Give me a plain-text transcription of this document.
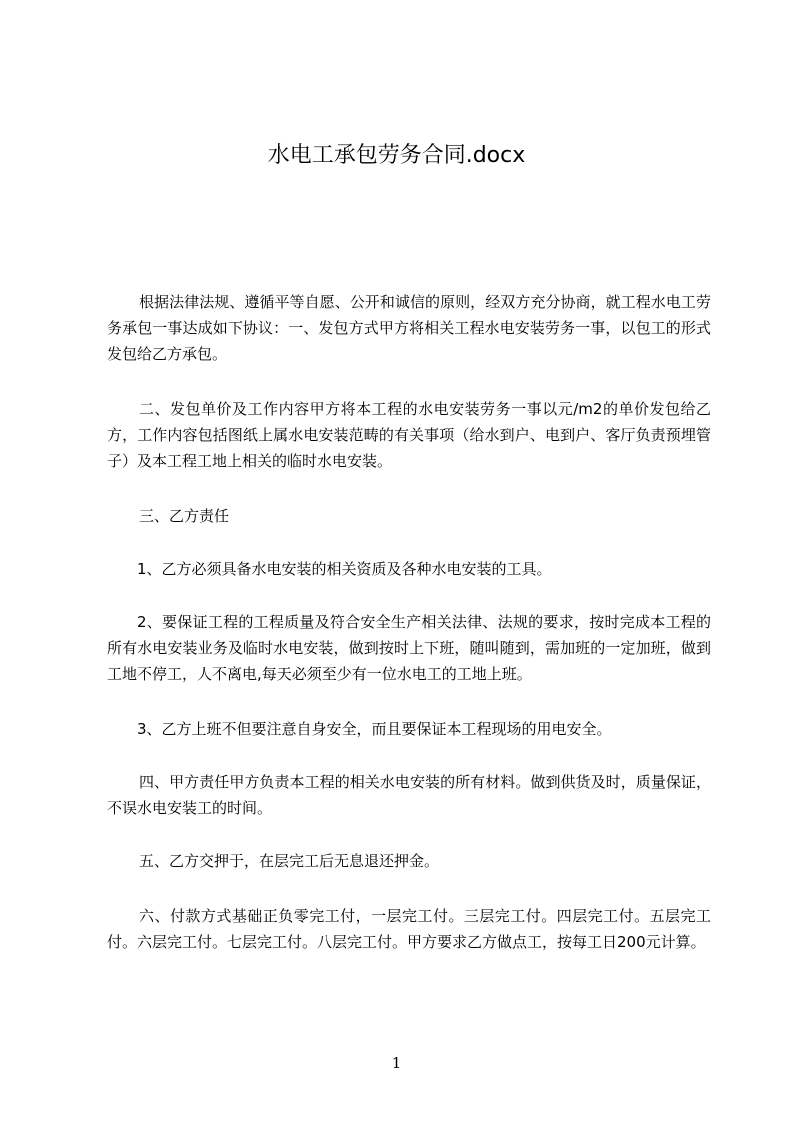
水电工承包劳务合同.docx

根据法律法规、遵循平等自愿、公开和诚信的原则，经双方充分协商，就工程水电工劳务承包一事达成如下协议：一、发包方式甲方将相关工程水电安装劳务一事，以包工的形式发包给乙方承包。

二、发包单价及工作内容甲方将本工程的水电安装劳务一事以元/m2的单价发包给乙方，工作内容包括图纸上属水电安装范畴的有关事项（给水到户、电到户、客厅负责预埋管子）及本工程工地上相关的临时水电安装。

三、乙方责任

1、乙方必须具备水电安装的相关资质及各种水电安装的工具。

2、要保证工程的工程质量及符合安全生产相关法律、法规的要求，按时完成本工程的所有水电安装业务及临时水电安装，做到按时上下班，随叫随到，需加班的一定加班，做到工地不停工，人不离电,每天必须至少有一位水电工的工地上班。

3、乙方上班不但要注意自身安全，而且要保证本工程现场的用电安全。

四、甲方责任甲方负责本工程的相关水电安装的所有材料。做到供货及时，质量保证，不误水电安装工的时间。

五、乙方交押于，在层完工后无息退还押金。

六、付款方式基础正负零完工付，一层完工付。三层完工付。四层完工付。五层完工付。六层完工付。七层完工付。八层完工付。甲方要求乙方做点工，按每工日200元计算。

1
